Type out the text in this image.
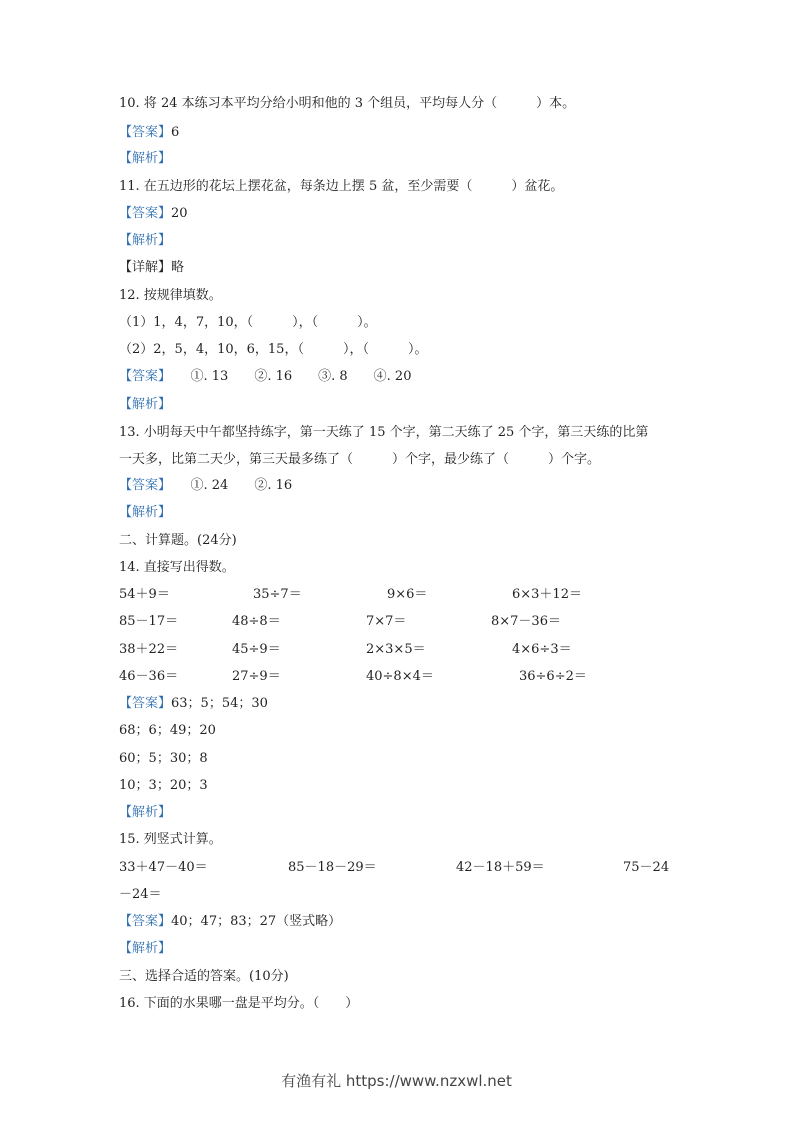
10. 将 24 本练习本平均分给小明和他的 3 个组员，平均每人分（　　　）本。
【答案】6
【解析】
11. 在五边形的花坛上摆花盆，每条边上摆 5 盆，至少需要（　　　）盆花。
【答案】20
【解析】
【详解】略
12. 按规律填数。
（1）1，4，7，10，（　　　），（　　　）。
（2）2，5，4，10，6，15，（　　　），（　　　）。
【答案】　　①. 13　　②. 16　　③. 8　　④. 20
【解析】
13. 小明每天中午都坚持练字，第一天练了 15 个字，第二天练了 25 个字，第三天练的比第
一天多，比第二天少，第三天最多练了（　　　）个字，最少练了（　　　）个字。
【答案】　　①. 24　　②. 16
【解析】
二、计算题。(24分)
14. 直接写出得数。
54＋9＝	35÷7＝	9×6＝	6×3＋12＝
85－17＝	48÷8＝	7×7＝	8×7－36＝
38＋22＝	45÷9＝	2×3×5＝	4×6÷3＝
46－36＝	27÷9＝	40÷8×4＝	36÷6÷2＝
【答案】63；5；54；30
68；6；49；20
60；5；30；8
10；3；20；3
【解析】
15. 列竖式计算。
33＋47－40＝	85－18－29＝	42－18＋59＝	75－24
－24＝
【答案】40；47；83；27（竖式略）
【解析】
三、选择合适的答案。(10分)
16. 下面的水果哪一盘是平均分。（　　）
有渔有礼 https://www.nzxwl.net
